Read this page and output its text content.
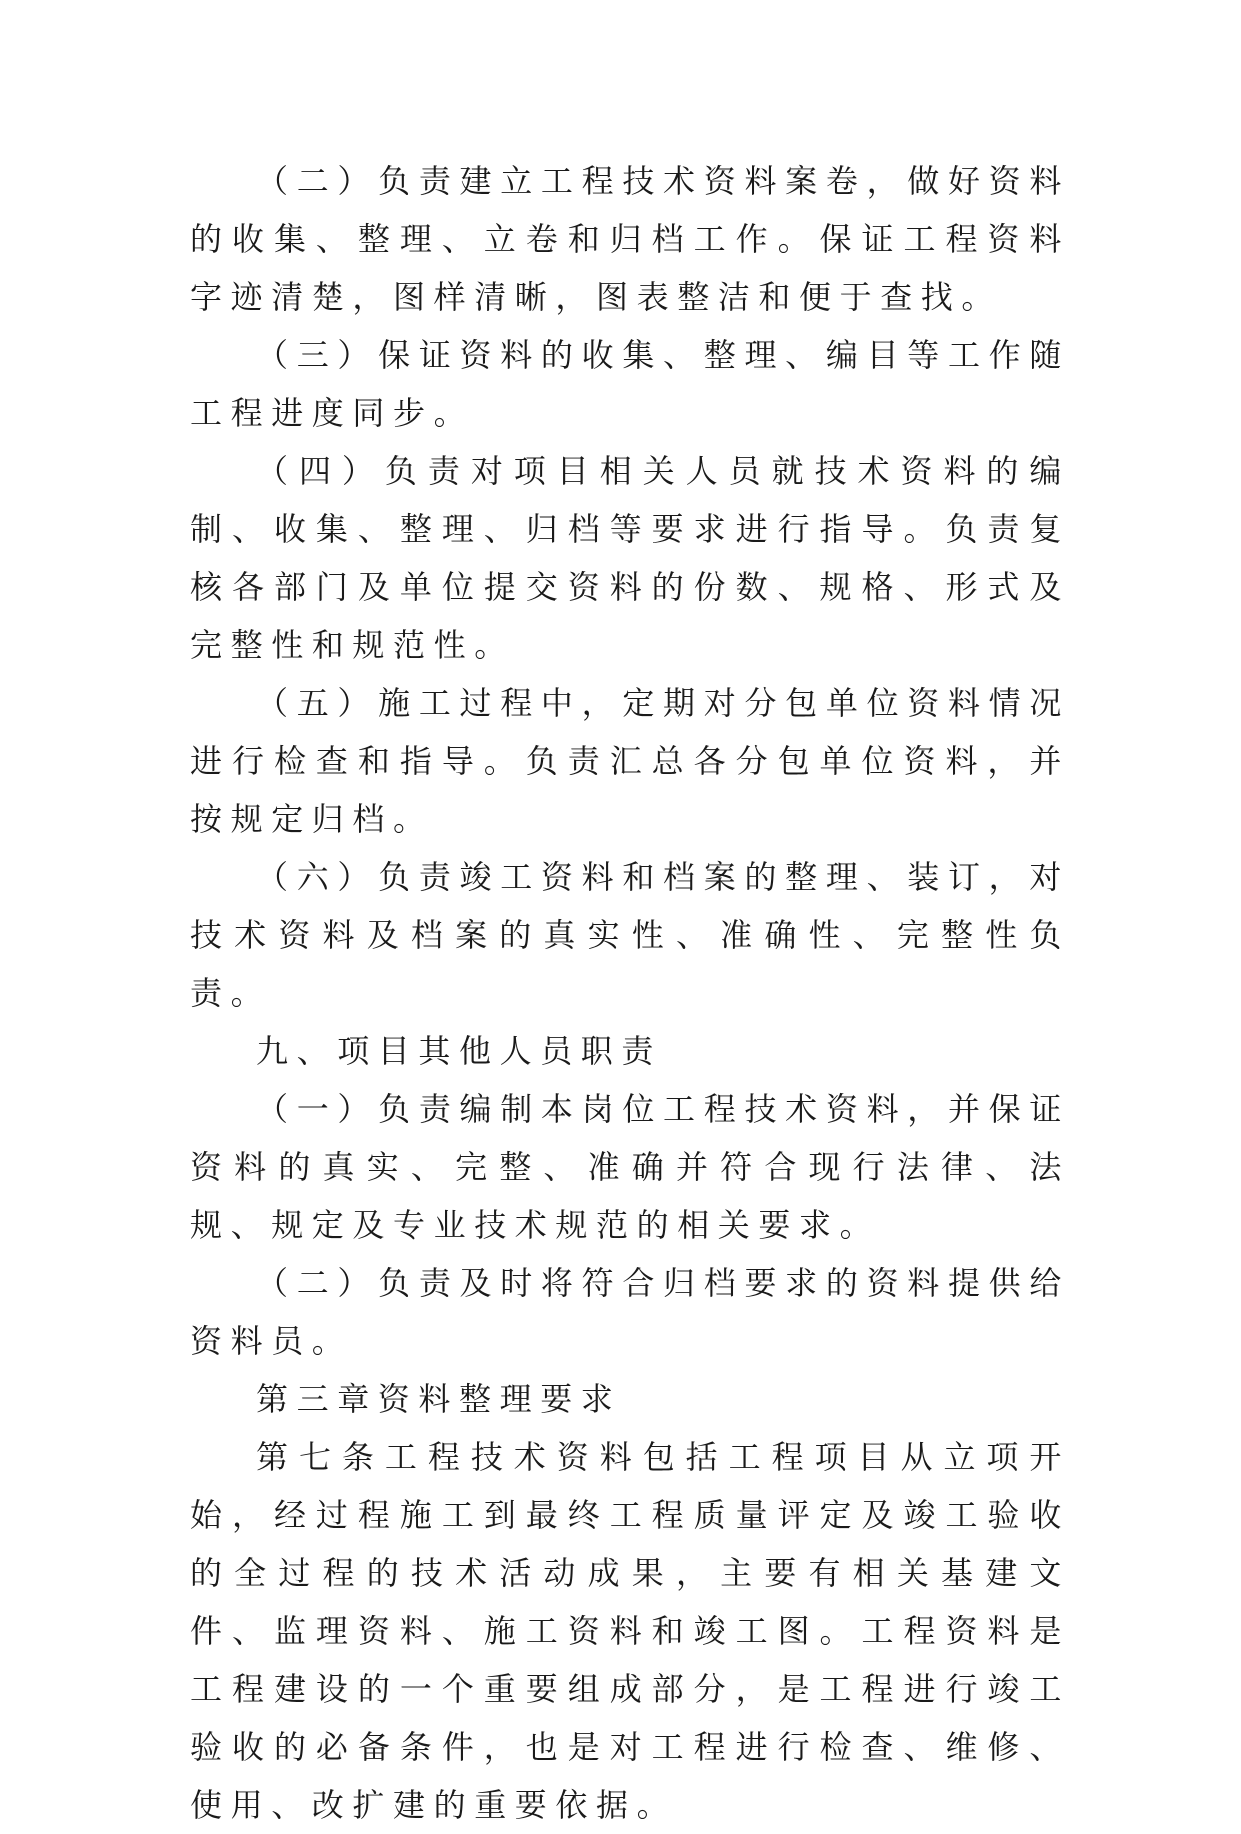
（二）负责建立工程技术资料案卷，做好资料的收集、整理、立卷和归档工作。保证工程资料字迹清楚，图样清晰，图表整洁和便于查找。

（三）保证资料的收集、整理、编目等工作随工程进度同步。

（四）负责对项目相关人员就技术资料的编制、收集、整理、归档等要求进行指导。负责复核各部门及单位提交资料的份数、规格、形式及完整性和规范性。

（五）施工过程中，定期对分包单位资料情况进行检查和指导。负责汇总各分包单位资料，并按规定归档。

（六）负责竣工资料和档案的整理、装订，对技术资料及档案的真实性、准确性、完整性负责。

九、项目其他人员职责

（一）负责编制本岗位工程技术资料，并保证资料的真实、完整、准确并符合现行法律、法规、规定及专业技术规范的相关要求。

（二）负责及时将符合归档要求的资料提供给资料员。

第三章资料整理要求

第七条工程技术资料包括工程项目从立项开始，经过程施工到最终工程质量评定及竣工验收的全过程的技术活动成果，主要有相关基建文件、监理资料、施工资料和竣工图。工程资料是工程建设的一个重要组成部分，是工程进行竣工验收的必备条件，也是对工程进行检查、维修、使用、改扩建的重要依据。
